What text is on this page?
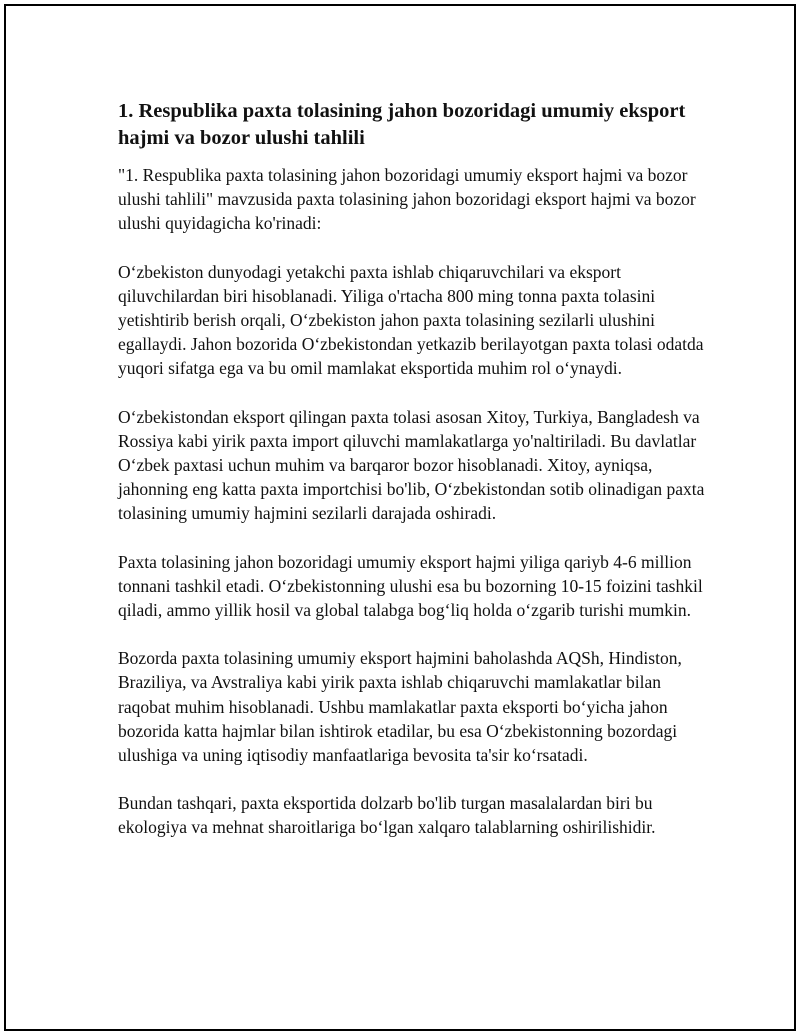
1. Respublika paxta tolasining jahon bozoridagi umumiy eksport hajmi va bozor ulushi tahlili

"1. Respublika paxta tolasining jahon bozoridagi umumiy eksport hajmi va bozor ulushi tahlili" mavzusida paxta tolasining jahon bozoridagi eksport hajmi va bozor ulushi quyidagicha ko'rinadi:

O‘zbekiston dunyodagi yetakchi paxta ishlab chiqaruvchilari va eksport qiluvchilardan biri hisoblanadi. Yiliga o'rtacha 800 ming tonna paxta tolasini yetishtirib berish orqali, O‘zbekiston jahon paxta tolasining sezilarli ulushini egallaydi. Jahon bozorida O‘zbekistondan yetkazib berilayotgan paxta tolasi odatda yuqori sifatga ega va bu omil mamlakat eksportida muhim rol o‘ynaydi.

O‘zbekistondan eksport qilingan paxta tolasi asosan Xitoy, Turkiya, Bangladesh va Rossiya kabi yirik paxta import qiluvchi mamlakatlarga yo'naltiriladi. Bu davlatlar O‘zbek paxtasi uchun muhim va barqaror bozor hisoblanadi. Xitoy, ayniqsa, jahonning eng katta paxta importchisi bo'lib, O‘zbekistondan sotib olinadigan paxta tolasining umumiy hajmini sezilarli darajada oshiradi.

Paxta tolasining jahon bozoridagi umumiy eksport hajmi yiliga qariyb 4-6 million tonnani tashkil etadi. O‘zbekistonning ulushi esa bu bozorning 10-15 foizini tashkil qiladi, ammo yillik hosil va global talabga bog‘liq holda o‘zgarib turishi mumkin.

Bozorda paxta tolasining umumiy eksport hajmini baholashda AQSh, Hindiston, Braziliya, va Avstraliya kabi yirik paxta ishlab chiqaruvchi mamlakatlar bilan raqobat muhim hisoblanadi. Ushbu mamlakatlar paxta eksporti bo‘yicha jahon bozorida katta hajmlar bilan ishtirok etadilar, bu esa O‘zbekistonning bozordagi ulushiga va uning iqtisodiy manfaatlariga bevosita ta'sir ko‘rsatadi.

Bundan tashqari, paxta eksportida dolzarb bo'lib turgan masalalardan biri bu ekologiya va mehnat sharoitlariga bo‘lgan xalqaro talablarning oshirilishidir.
